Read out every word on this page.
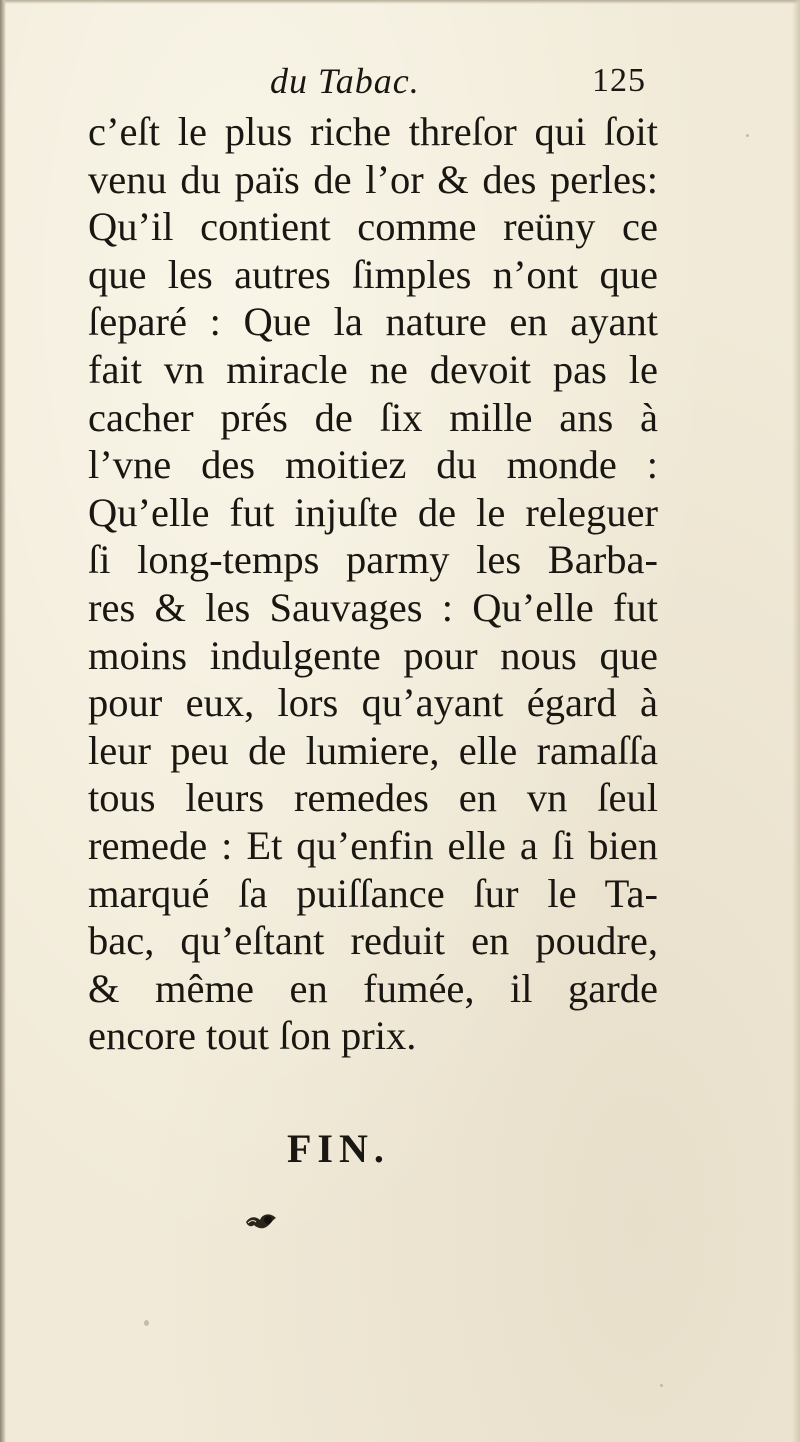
du Tabac.	125
c’eſt le plus riche threſor qui ſoit
venu du païs de l’or & des perles:
Qu’il contient comme reüny ce
que les autres ſimples n’ont que
ſeparé : Que la nature en ayant
fait vn miracle ne devoit pas le
cacher prés de ſix mille ans à
l’vne des moitiez du monde :
Qu’elle fut injuſte de le releguer
ſi long-temps parmy les Barba-
res & les Sauvages : Qu’elle fut
moins indulgente pour nous que
pour eux, lors qu’ayant égard à
leur peu de lumiere, elle ramaſſa
tous leurs remedes en vn ſeul
remede : Et qu’enfin elle a ſi bien
marqué ſa puiſſance ſur le Ta-
bac, qu’eſtant reduit en poudre,
& même en fumée, il garde
encore tout ſon prix.
FIN.
